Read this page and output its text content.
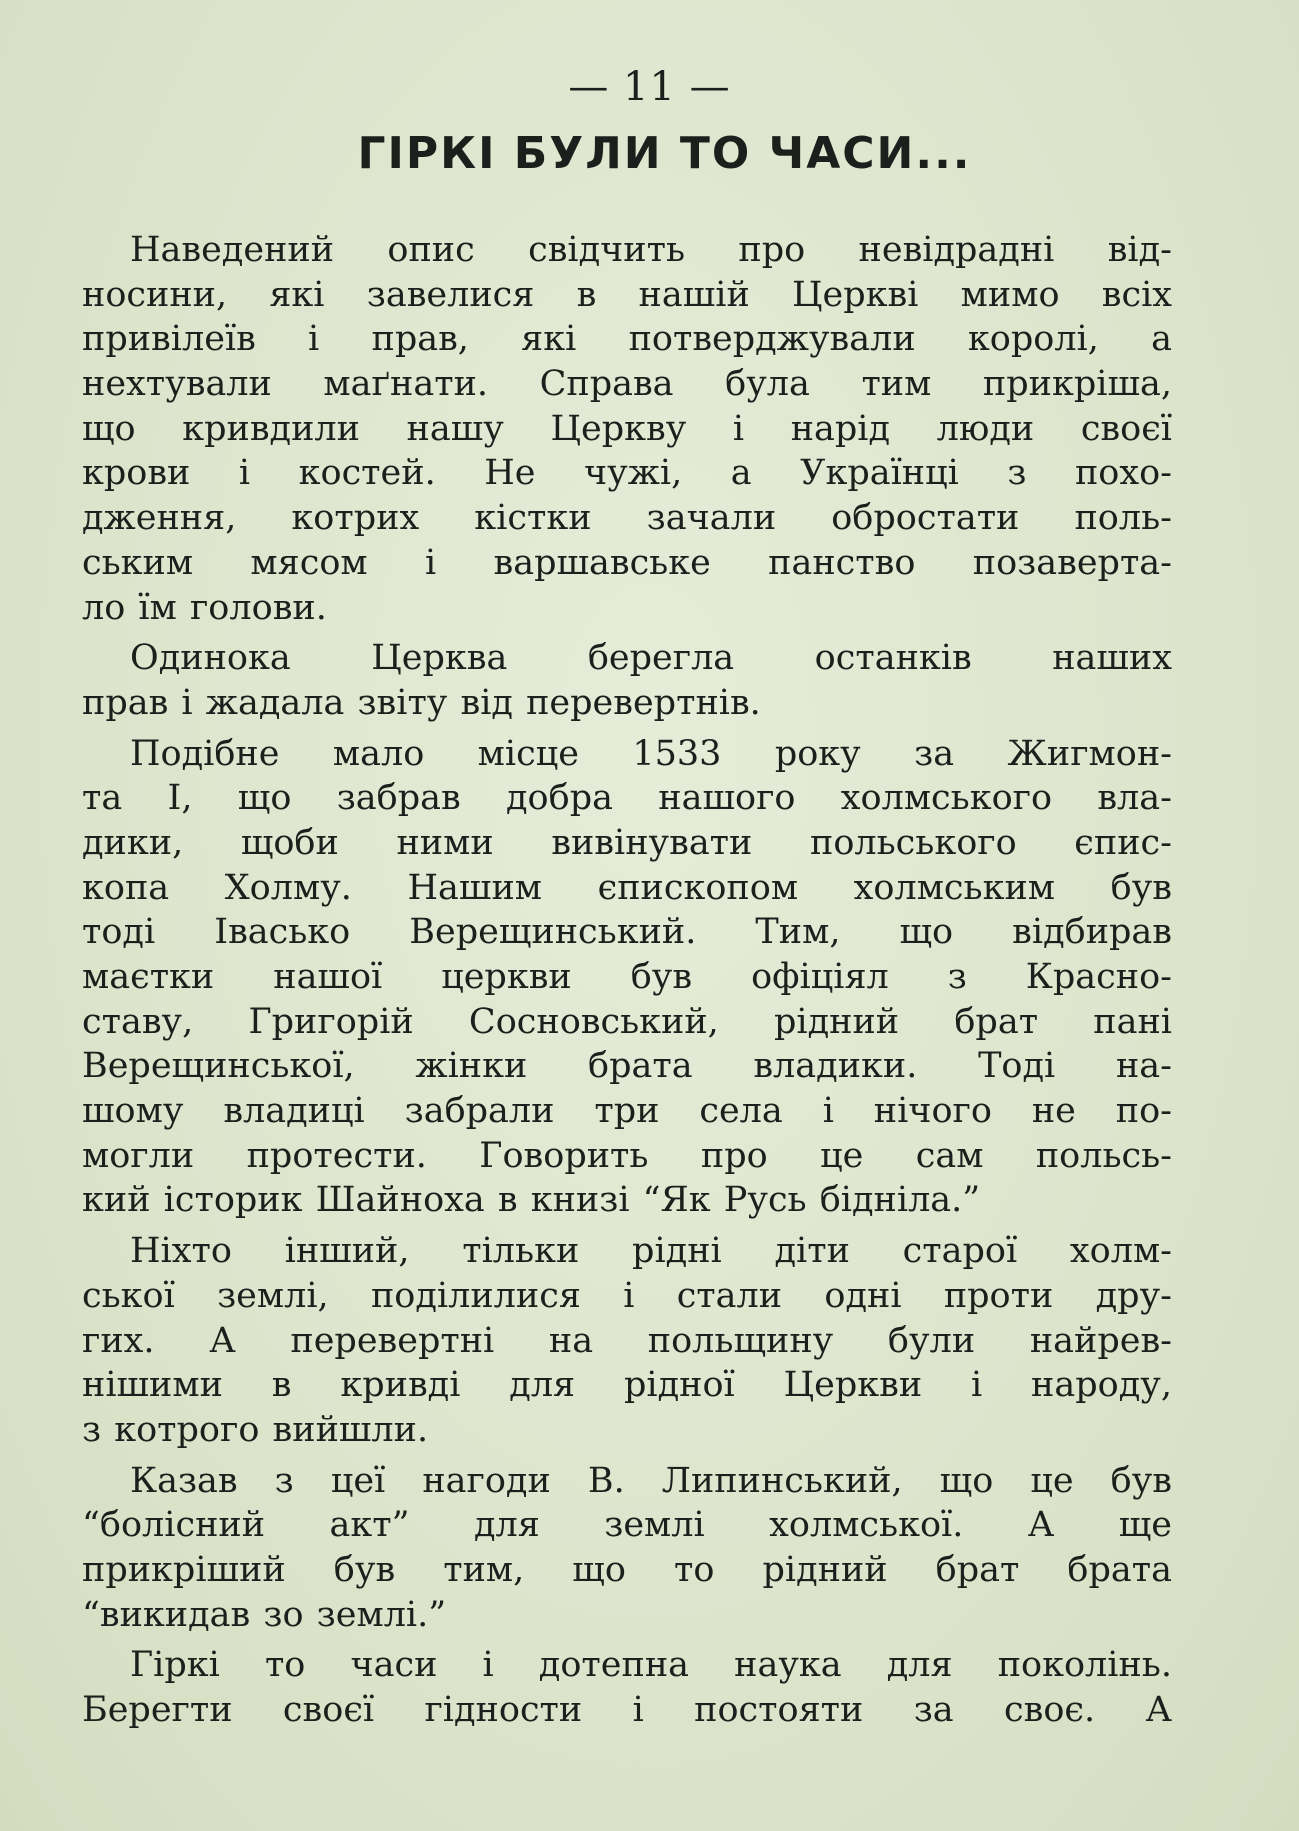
— 11 —
ГІРКІ БУЛИ ТО ЧАСИ...
Наведений опис свідчить про невідрадні від-
носини, які завелися в нашій Церкві мимо всіх
привілеїв і прав, які потверджували королі, а
нехтували маґнати. Справа була тим прикріша,
що кривдили нашу Церкву і нарід люди своєї
крови і костей. Не чужі, а Українці з похо-
дження, котрих кістки зачали обростати поль-
ським мясом і варшавське панство позаверта-
ло їм голови.
Одинока Церква берегла останків наших
прав і жадала звіту від перевертнів.
Подібне мало місце 1533 року за Жигмон-
та І, що забрав добра нашого холмського вла-
дики, щоби ними вивінувати польського єпис-
копа Холму. Нашим єпископом холмським був
тоді Івасько Верещинський. Тим, що відбирав
маєтки нашої церкви був офіціял з Красно-
ставу, Григорій Сосновський, рідний брат пані
Верещинської, жінки брата владики. Тоді на-
шому владиці забрали три села і нічого не по-
могли протести. Говорить про це сам польсь-
кий історик Шайноха в книзі “Як Русь бідніла.”
Ніхто інший, тільки рідні діти старої холм-
ської землі, поділилися і стали одні проти дру-
гих. А перевертні на польщину були найрев-
нішими в кривді для рідної Церкви і народу,
з котрого вийшли.
Казав з цеї нагоди В. Липинський, що це був
“болісний акт” для землі холмської. А ще
прикріший був тим, що то рідний брат брата
“викидав зо землі.”
Гіркі то часи і дотепна наука для поколінь.
Берегти своєї гідности і постояти за своє. А
